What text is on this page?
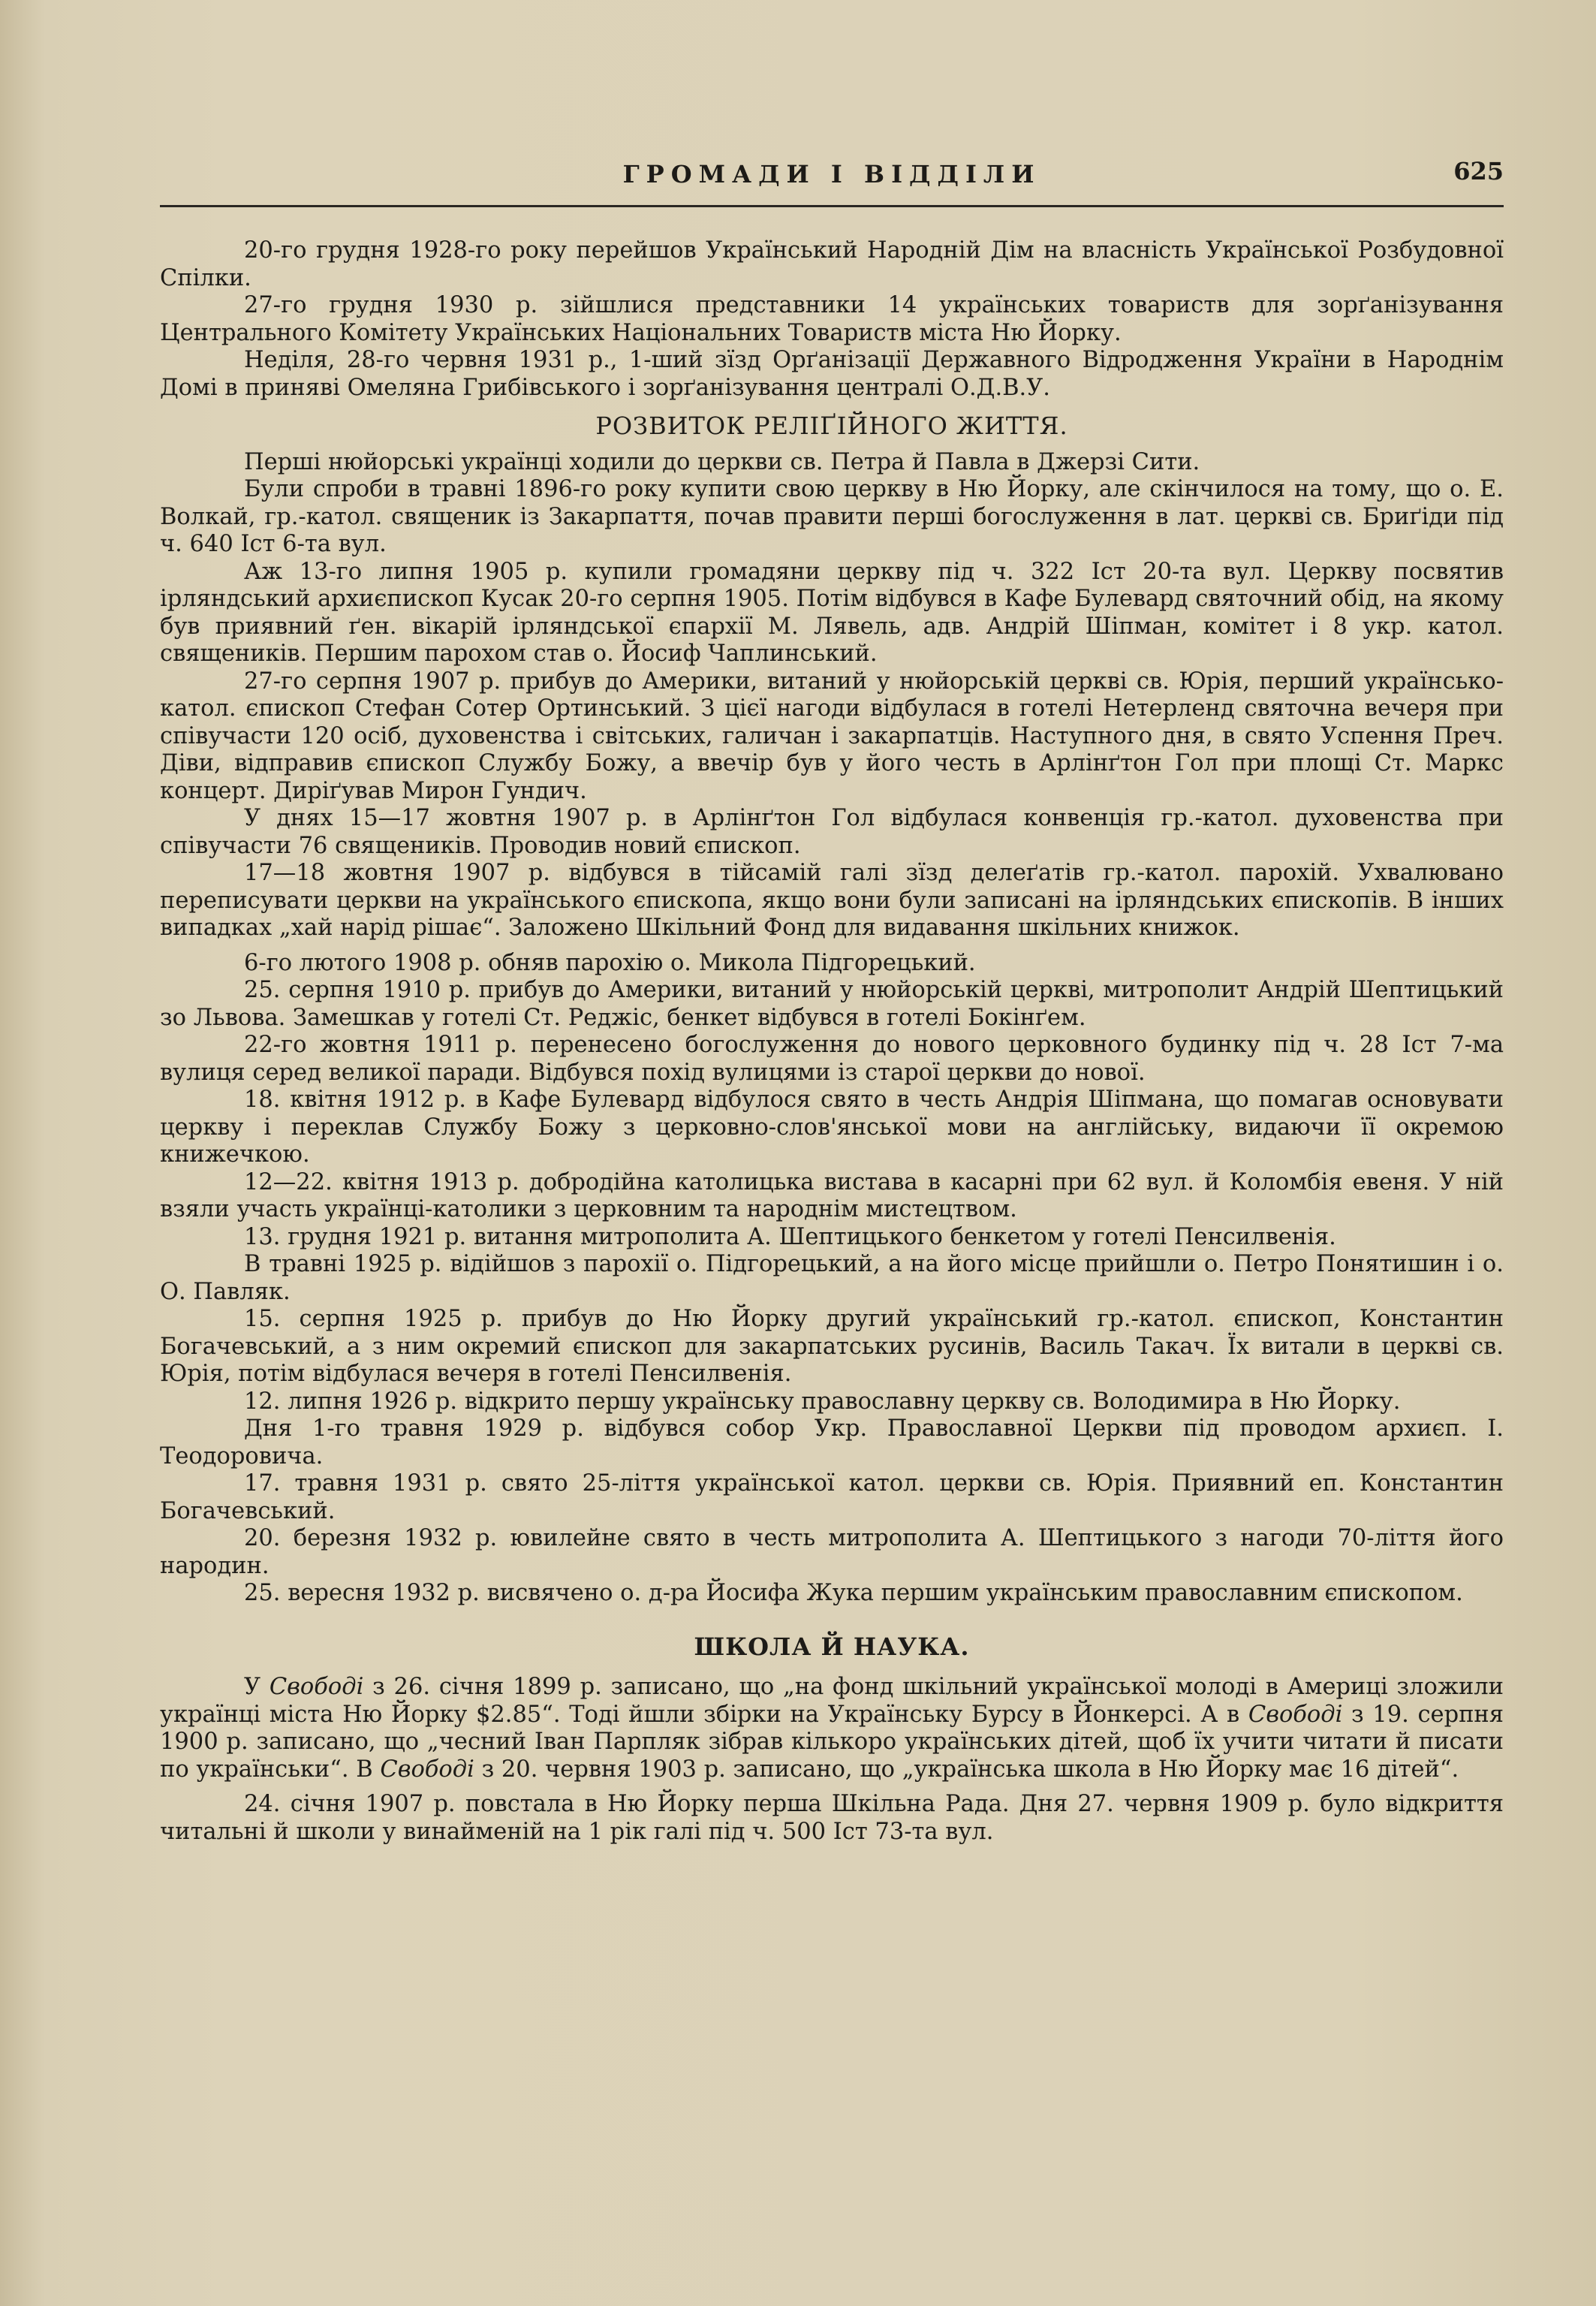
ГРОМАДИ І ВІДДІЛИ	625

20-го грудня 1928-го року перейшов Український Народній Дім на власність Української Розбудовної Спілки.

27-го грудня 1930 р. зійшлися представники 14 українських товариств для зорґанізування Центрального Комітету Українських Національних Товариств міста Ню Йорку.

Неділя, 28-го червня 1931 р., 1-ший зїзд Орґанізації Державного Відродження України в Народнім Домі в приняві Омеляна Грибівського і зорґанізування централі О.Д.В.У.

РОЗВИТОК РЕЛІҐІЙНОГО ЖИТТЯ.

Перші нюйорські українці ходили до церкви св. Петра й Павла в Джерзі Сити.

Були спроби в травні 1896-го року купити свою церкву в Ню Йорку, але скінчилося на тому, що о. Е. Волкай, гр.-катол. священик із Закарпаття, почав правити перші богослуження в лат. церкві св. Бриґіди під ч. 640 Іст 6-та вул.

Аж 13-го липня 1905 р. купили громадяни церкву під ч. 322 Іст 20-та вул. Церкву посвятив ірляндський архиєпископ Кусак 20-го серпня 1905. Потім відбувся в Кафе Булевард святочний обід, на якому був приявний ґен. вікарій ірляндської єпархії М. Лявель, адв. Андрій Шіпман, комітет і 8 укр. катол. священиків. Першим парохом став о. Йосиф Чаплинський.

27-го серпня 1907 р. прибув до Америки, витаний у нюйорській церкві св. Юрія, перший українсько-катол. єпископ Стефан Сотер Ортинський. З цієї нагоди відбулася в готелі Нетерленд святочна вечеря при співучасти 120 осіб, духовенства і світських, галичан і закарпатців. Наступного дня, в свято Успення Преч. Діви, відправив єпископ Службу Божу, а ввечір був у його честь в Арлінґтон Гол при площі Ст. Маркс концерт. Диріґував Мирон Гундич.

У днях 15—17 жовтня 1907 р. в Арлінґтон Гол відбулася конвенція гр.-катол. духовенства при співучасти 76 священиків. Проводив новий єпископ.

17—18 жовтня 1907 р. відбувся в тійсамій галі зїзд делеґатів гр.-катол. парохій. Ухвалювано переписувати церкви на українського єпископа, якщо вони були записані на ірляндських єпископів. В інших випадках „хай нарід рішає“. Заложено Шкільний Фонд для видавання шкільних книжок.

6-го лютого 1908 р. обняв парохію о. Микола Підгорецький.

25. серпня 1910 р. прибув до Америки, витаний у нюйорській церкві, митрополит Андрій Шептицький зо Львова. Замешкав у готелі Ст. Реджіс, бенкет відбувся в готелі Бокінґем.

22-го жовтня 1911 р. перенесено богослуження до нового церковного будинку під ч. 28 Іст 7-ма вулиця серед великої паради. Відбувся похід вулицями із старої церкви до нової.

18. квітня 1912 р. в Кафе Булевард відбулося свято в честь Андрія Шіпмана, що помагав основувати церкву і переклав Службу Божу з церковно-слов'янської мови на англійську, видаючи її окремою книжечкою.

12—22. квітня 1913 р. добродійна католицька вистава в касарні при 62 вул. й Коломбія евеня. У ній взяли участь українці-католики з церковним та народнім мистецтвом.

13. грудня 1921 р. витання митрополита А. Шептицького бенкетом у готелі Пенсилвенія.

В травні 1925 р. відійшов з парохії о. Підгорецький, а на його місце прийшли о. Петро Понятишин і о. О. Павляк.

15. серпня 1925 р. прибув до Ню Йорку другий український гр.-катол. єпископ, Константин Богачевський, а з ним окремий єпископ для закарпатських русинів, Василь Такач. Їх витали в церкві св. Юрія, потім відбулася вечеря в готелі Пенсилвенія.

12. липня 1926 р. відкрито першу українську православну церкву св. Володимира в Ню Йорку.

Дня 1-го травня 1929 р. відбувся собор Укр. Православної Церкви під проводом архиєп. І. Теодоровича.

17. травня 1931 р. свято 25-ліття української катол. церкви св. Юрія. Приявний еп. Константин Богачевський.

20. березня 1932 р. ювилейне свято в честь митрополита А. Шептицького з нагоди 70-ліття його народин.

25. вересня 1932 р. висвячено о. д-ра Йосифа Жука першим українським православним єпископом.

ШКОЛА Й НАУКА.

У Свободі з 26. січня 1899 р. записано, що „на фонд шкільний української молоді в Америці зложили українці міста Ню Йорку $2.85“. Тоді йшли збірки на Українську Бурсу в Йонкерсі. А в Свободі з 19. серпня 1900 р. записано, що „чесний Іван Парпляк зібрав кількоро українських дітей, щоб їх учити читати й писати по українськи“. В Свободі з 20. червня 1903 р. записано, що „українська школа в Ню Йорку має 16 дітей“.

24. січня 1907 р. повстала в Ню Йорку перша Шкільна Рада. Дня 27. червня 1909 р. було відкриття читальні й школи у винайменій на 1 рік галі під ч. 500 Іст 73-та вул.
